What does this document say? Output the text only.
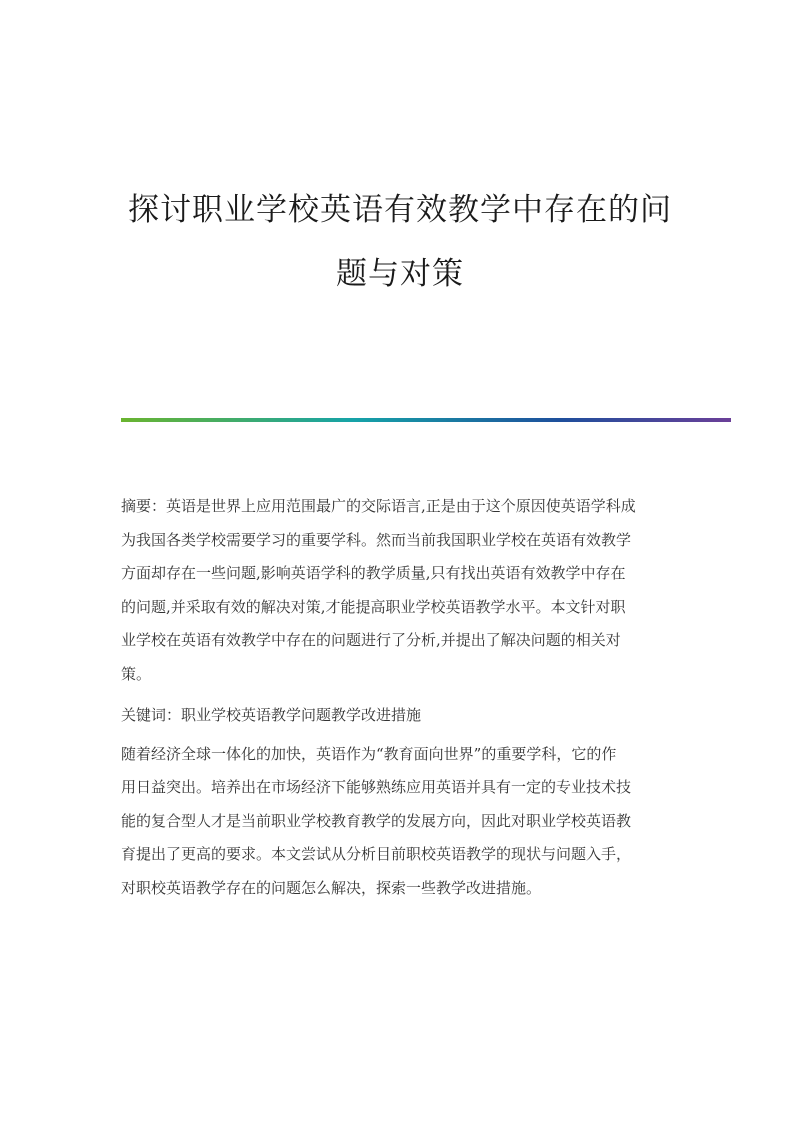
探讨职业学校英语有效教学中存在的问
题与对策

摘要：英语是世界上应用范围最广的交际语言,正是由于这个原因使英语学科成
为我国各类学校需要学习的重要学科。然而当前我国职业学校在英语有效教学
方面却存在一些问题,影响英语学科的教学质量,只有找出英语有效教学中存在
的问题,并采取有效的解决对策,才能提高职业学校英语教学水平。本文针对职
业学校在英语有效教学中存在的问题进行了分析,并提出了解决问题的相关对
策。

关键词：职业学校英语教学问题教学改进措施

随着经济全球一体化的加快，英语作为“教育面向世界”的重要学科，它的作
用日益突出。培养出在市场经济下能够熟练应用英语并具有一定的专业技术技
能的复合型人才是当前职业学校教育教学的发展方向，因此对职业学校英语教
育提出了更高的要求。本文尝试从分析目前职校英语教学的现状与问题入手，
对职校英语教学存在的问题怎么解决，探索一些教学改进措施。
